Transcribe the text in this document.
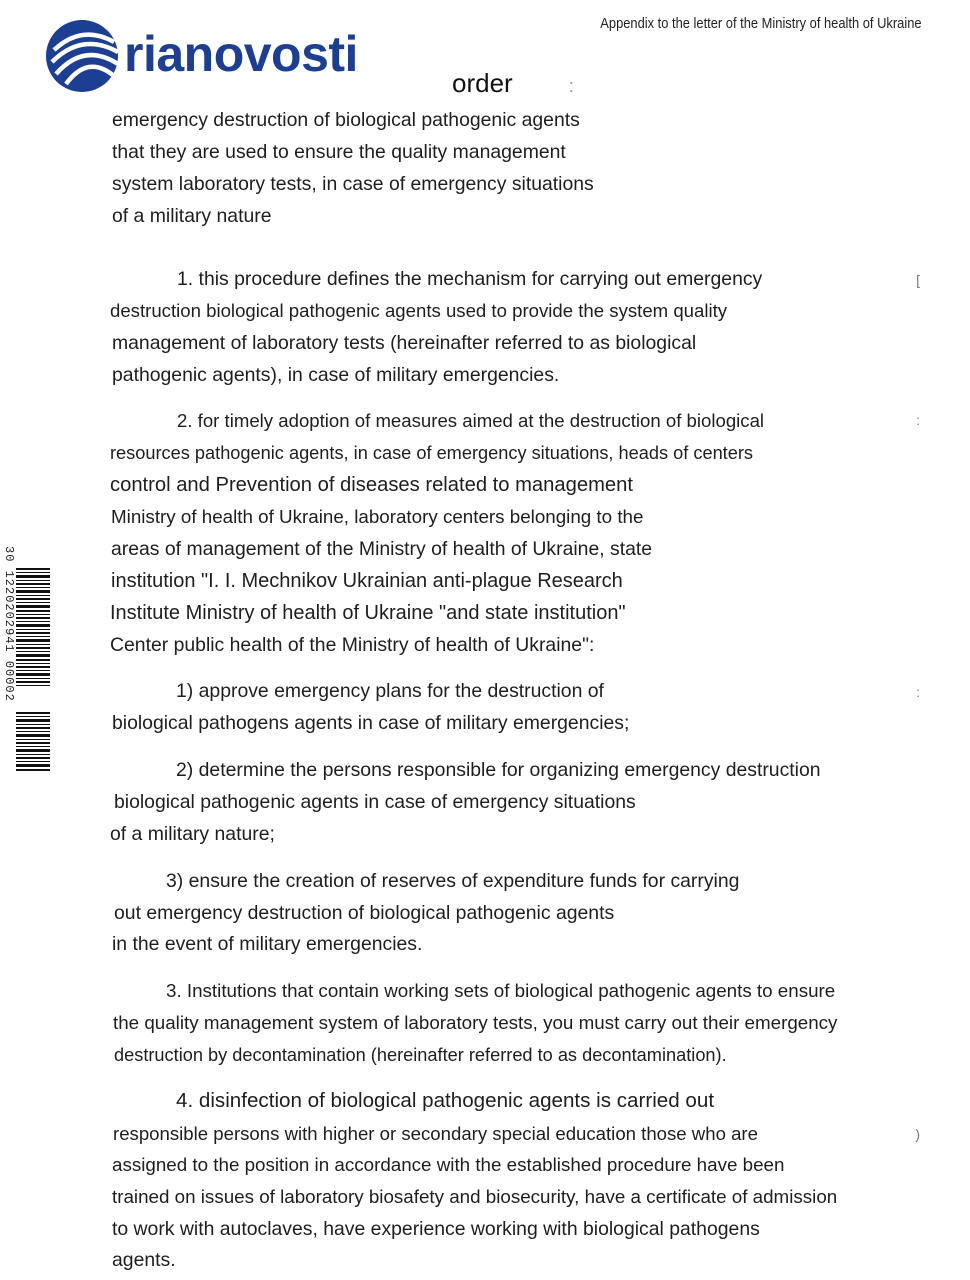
rianovosti
Appendix to the letter of the Ministry of health of Ukraine
order	:
30 1220202941 00002
[
:
:
)
emergency destruction of biological pathogenic agents
that they are used to ensure the quality management
system laboratory tests, in case of emergency situations
of a military nature
1. this procedure defines the mechanism for carrying out emergency
destruction biological pathogenic agents used to provide the system quality
management of laboratory tests (hereinafter referred to as biological
pathogenic agents), in case of military emergencies.
2. for timely adoption of measures aimed at the destruction of biological
resources pathogenic agents, in case of emergency situations, heads of centers
control and Prevention of diseases related to management
Ministry of health of Ukraine, laboratory centers belonging to the
areas of management of the Ministry of health of Ukraine, state
institution "I. I. Mechnikov Ukrainian anti-plague Research
Institute Ministry of health of Ukraine "and state institution"
Center public health of the Ministry of health of Ukraine":
1) approve emergency plans for the destruction of
biological pathogens agents in case of military emergencies;
2) determine the persons responsible for organizing emergency destruction
biological pathogenic agents in case of emergency situations
of a military nature;
3) ensure the creation of reserves of expenditure funds for carrying
out emergency destruction of biological pathogenic agents
in the event of military emergencies.
3. Institutions that contain working sets of biological pathogenic agents to ensure
the quality management system of laboratory tests, you must carry out their emergency
destruction by decontamination (hereinafter referred to as decontamination).
4. disinfection of biological pathogenic agents is carried out
responsible persons with higher or secondary special education those who are
assigned to the position in accordance with the established procedure have been
trained on issues of laboratory biosafety and biosecurity, have a certificate of admission
to work with autoclaves, have experience working with biological pathogens
agents.
